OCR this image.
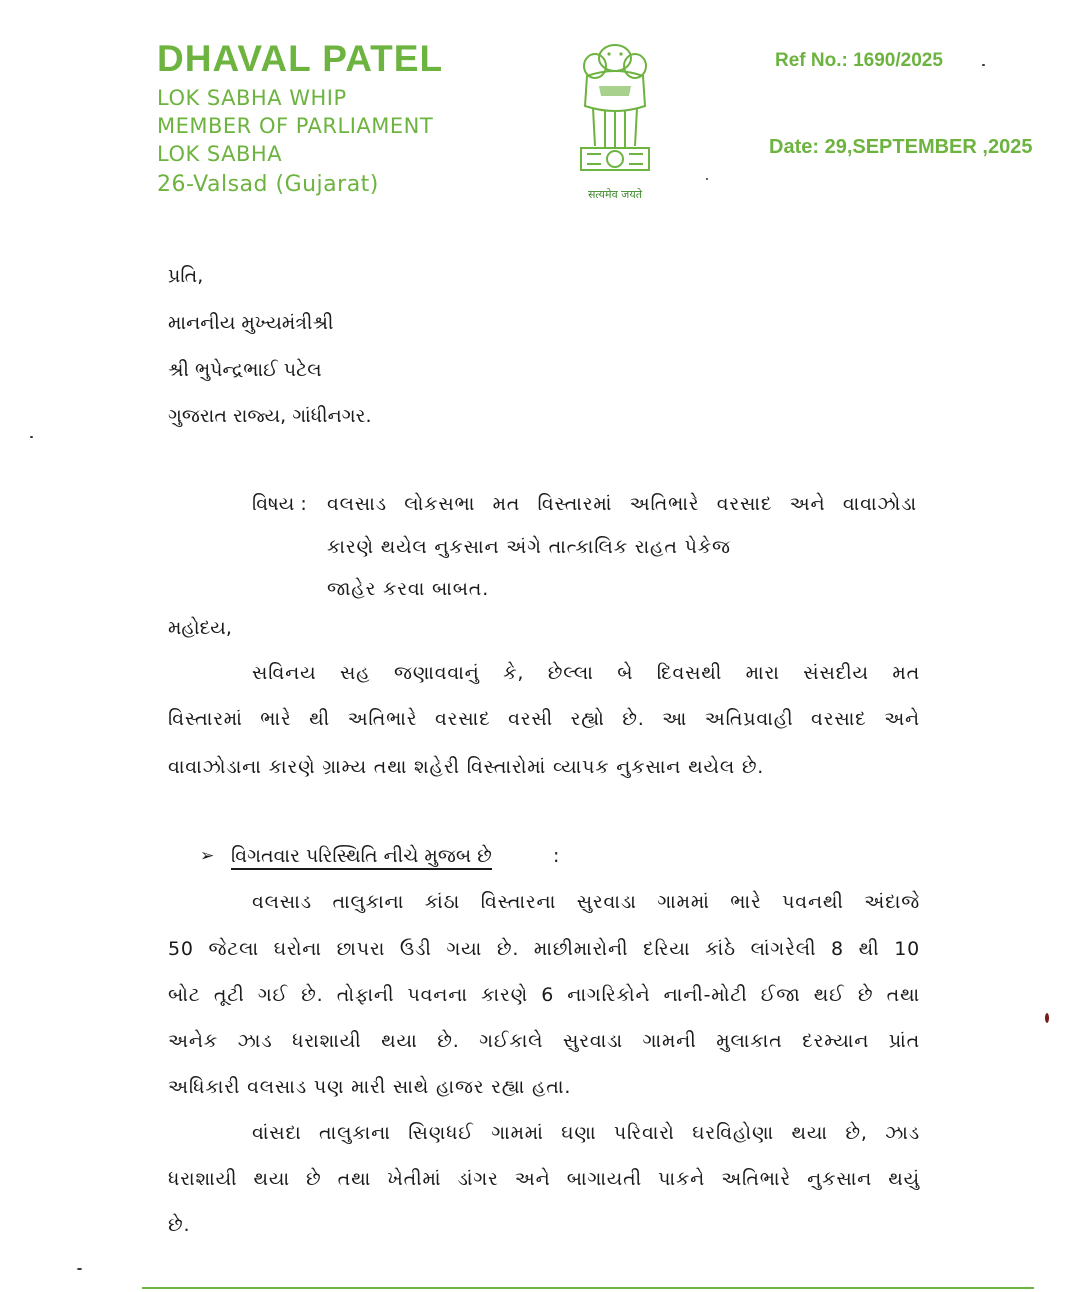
DHAVAL PATEL
LOK SABHA WHIP
MEMBER OF PARLIAMENT
LOK SABHA
26-Valsad (Gujarat)	सत्यमेव जयते
Ref No.: 1690/2025
Date: 29,SEPTEMBER ,2025
પ્રતિ,
માનનીય મુખ્યમંત્રીશ્રી
શ્રી ભુપેન્દ્રભાઈ પટેલ
ગુજરાત રાજ્ય, ગાંધીનગર.
વિષય : વલસાડ લોકસભા મત વિસ્તારમાં અતિભારે વરસાદ અને વાવાઝોડા
કારણે થયેલ નુકસાન અંગે તાત્કાલિક રાહત પેકેજ
જાહેર કરવા બાબત.
મહોદય,
સવિનય સહ જણાવવાનું કે, છેલ્લા બે દિવસથી મારા સંસદીય મત
વિસ્તારમાં ભારે થી અતિભારે વરસાદ વરસી રહ્યો છે. આ અતિપ્રવાહી વરસાદ અને
વાવાઝોડાના કારણે ગ્રામ્ય તથા શહેરી વિસ્તારોમાં વ્યાપક નુકસાન થયેલ છે.
➢ વિગતવાર પરિસ્થિતિ નીચે મુજબ છે	:
વલસાડ તાલુકાના કાંઠા વિસ્તારના સુરવાડા ગામમાં ભારે પવનથી અંદાજે
50 જેટલા ઘરોના છાપરા ઉડી ગયા છે. માછીમારોની દરિયા કાંઠે લાંગરેલી 8 થી 10
બોટ તૂટી ગઈ છે. તોફાની પવનના કારણે 6 નાગરિકોને નાની-મોટી ઈજા થઈ છે તથા
અનેક ઝાડ ધરાશાયી થયા છે. ગઈકાલે સુરવાડા ગામની મુલાકાત દરમ્યાન પ્રાંત
અધિકારી વલસાડ પણ મારી સાથે હાજર રહ્યા હતા.
વાંસદા તાલુકાના સિણધઈ ગામમાં ઘણા પરિવારો ઘરવિહોણા થયા છે, ઝાડ
ધરાશાયી થયા છે તથા ખેતીમાં ડાંગર અને બાગાયતી પાકને અતિભારે નુકસાન થયું
છે.
